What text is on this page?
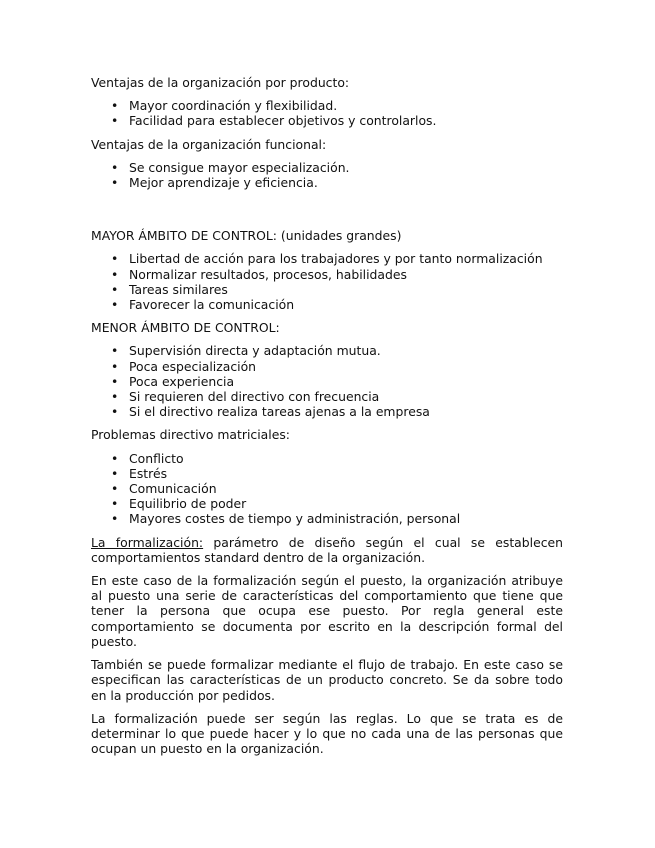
Ventajas de la organización por producto:

• Mayor coordinación y flexibilidad.
• Facilidad para establecer objetivos y controlarlos.

Ventajas de la organización funcional:

• Se consigue mayor especialización.
• Mejor aprendizaje y eficiencia.

MAYOR ÁMBITO DE CONTROL: (unidades grandes)

• Libertad de acción para los trabajadores y por tanto normalización
• Normalizar resultados, procesos, habilidades
• Tareas similares
• Favorecer la comunicación

MENOR ÁMBITO DE CONTROL:

• Supervisión directa y adaptación mutua.
• Poca especialización
• Poca experiencia
• Si requieren del directivo con frecuencia
• Si el directivo realiza tareas ajenas a la empresa

Problemas directivo matriciales:

• Conflicto
• Estrés
• Comunicación
• Equilibrio de poder
• Mayores costes de tiempo y administración, personal

La formalización: parámetro de diseño según el cual se establecen comportamientos standard dentro de la organización.

En este caso de la formalización según el puesto, la organización atribuye al puesto una serie de características del comportamiento que tiene que tener la persona que ocupa ese puesto. Por regla general este comportamiento se documenta por escrito en la descripción formal del puesto.

También se puede formalizar mediante el flujo de trabajo. En este caso se especifican las características de un producto concreto. Se da sobre todo en la producción por pedidos.

La formalización puede ser según las reglas. Lo que se trata es de determinar lo que puede hacer y lo que no cada una de las personas que ocupan un puesto en la organización.
